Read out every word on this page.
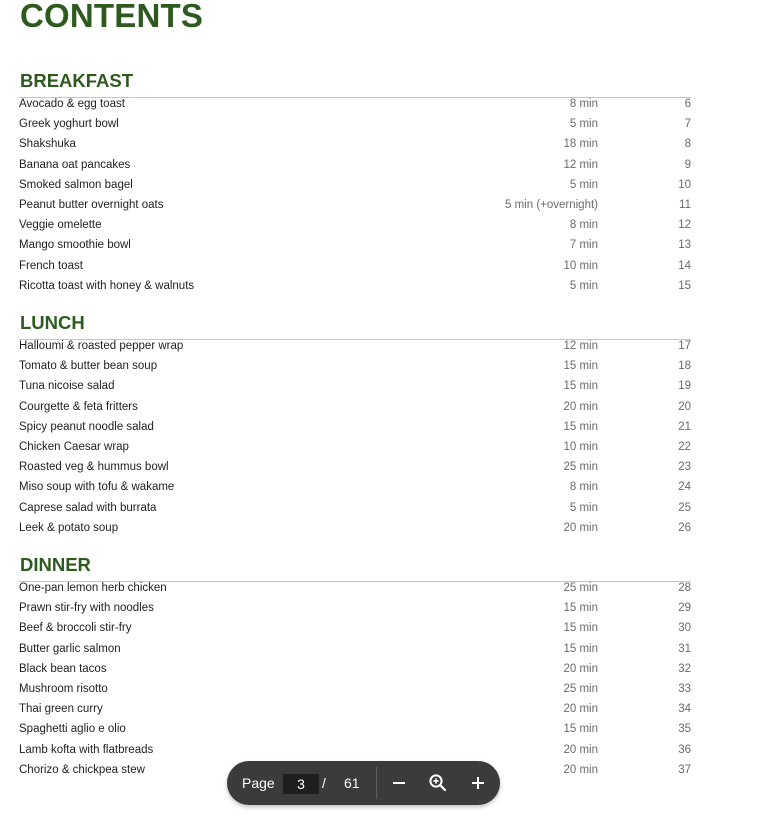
CONTENTS
BREAKFAST
Avocado & egg toast	8 min	6
Greek yoghurt bowl	5 min	7
Shakshuka	18 min	8
Banana oat pancakes	12 min	9
Smoked salmon bagel	5 min	10
Peanut butter overnight oats	5 min (+overnight)	11
Veggie omelette	8 min	12
Mango smoothie bowl	7 min	13
French toast	10 min	14
Ricotta toast with honey & walnuts	5 min	15
LUNCH
Halloumi & roasted pepper wrap	12 min	17
Tomato & butter bean soup	15 min	18
Tuna nicoise salad	15 min	19
Courgette & feta fritters	20 min	20
Spicy peanut noodle salad	15 min	21
Chicken Caesar wrap	10 min	22
Roasted veg & hummus bowl	25 min	23
Miso soup with tofu & wakame	8 min	24
Caprese salad with burrata	5 min	25
Leek & potato soup	20 min	26
DINNER
One-pan lemon herb chicken	25 min	28
Prawn stir-fry with noodles	15 min	29
Beef & broccoli stir-fry	15 min	30
Butter garlic salmon	15 min	31
Black bean tacos	20 min	32
Mushroom risotto	25 min	33
Thai green curry	20 min	34
Spaghetti aglio e olio	15 min	35
Lamb kofta with flatbreads	20 min	36
Chorizo & chickpea stew	20 min	37
Page
3	/ 61
